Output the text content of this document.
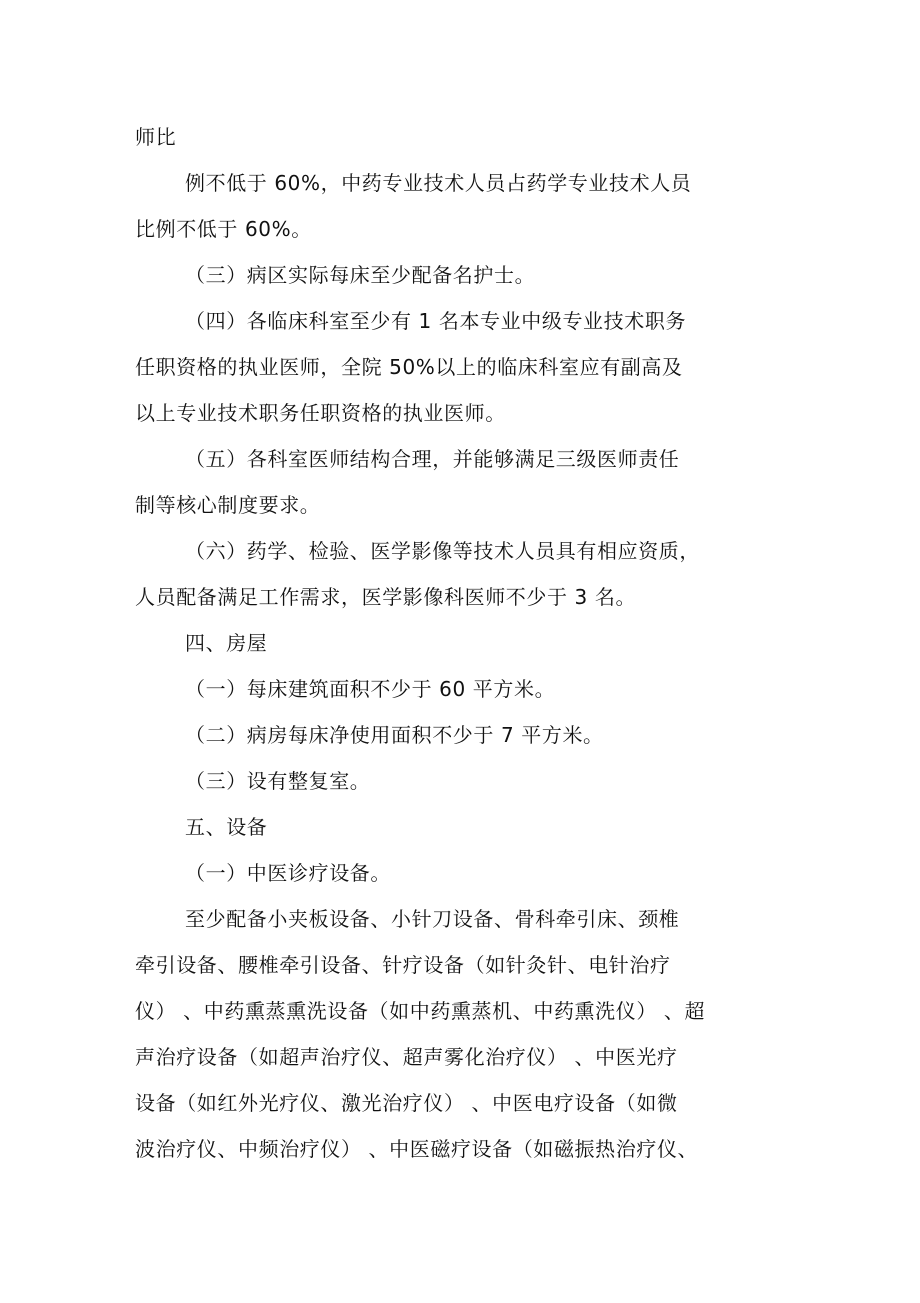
师比
例不低于 60%，中药专业技术人员占药学专业技术人员
比例不低于 60%。
（三）病区实际每床至少配备名护士。
（四）各临床科室至少有 1 名本专业中级专业技术职务
任职资格的执业医师，全院 50%以上的临床科室应有副高及
以上专业技术职务任职资格的执业医师。
（五）各科室医师结构合理，并能够满足三级医师责任
制等核心制度要求。
（六）药学、检验、医学影像等技术人员具有相应资质，
人员配备满足工作需求，医学影像科医师不少于 3 名。
四、房屋
（一）每床建筑面积不少于 60 平方米。
（二）病房每床净使用面积不少于 7 平方米。
（三）设有整复室。
五、设备
（一）中医诊疗设备。
至少配备小夹板设备、小针刀设备、骨科牵引床、颈椎
牵引设备、腰椎牵引设备、针疗设备（如针灸针、电针治疗
仪） 、中药熏蒸熏洗设备（如中药熏蒸机、中药熏洗仪） 、超
声治疗设备（如超声治疗仪、超声雾化治疗仪） 、中医光疗
设备（如红外光疗仪、激光治疗仪） 、中医电疗设备（如微
波治疗仪、中频治疗仪） 、中医磁疗设备（如磁振热治疗仪、
